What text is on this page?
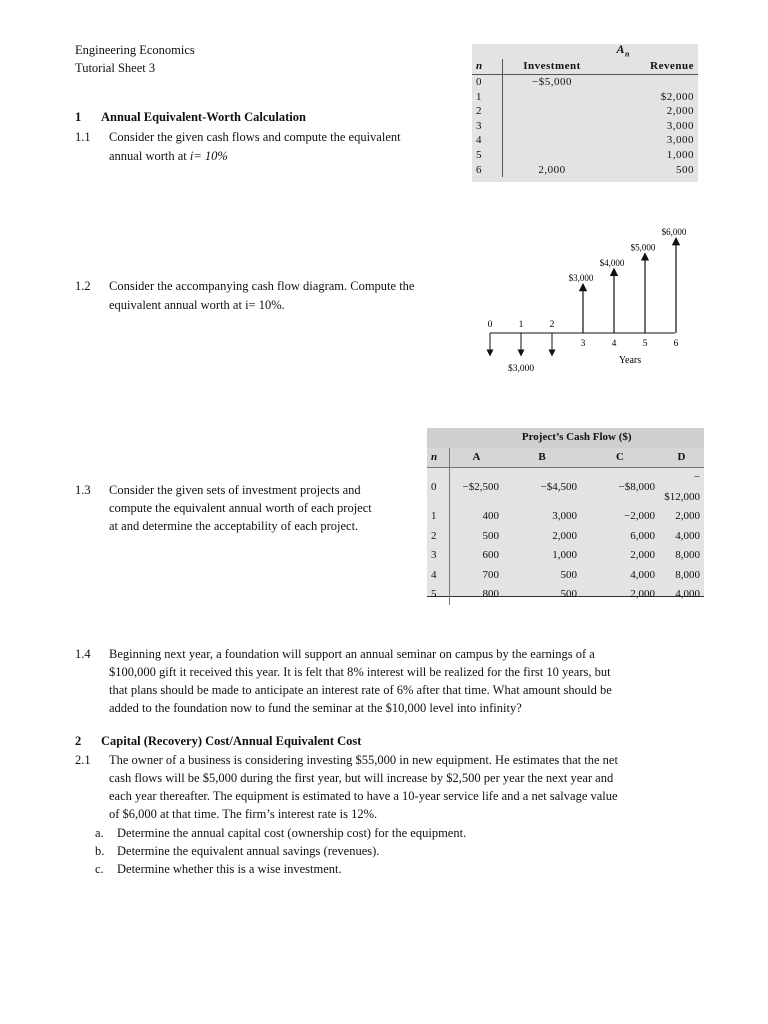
Engineering Economics
Tutorial Sheet 3
1 Annual Equivalent-Worth Calculation
1.1 Consider the given cash flows and compute the equivalent
annual worth at i= 10%
	$A_n$
n	Investment	Revenue
0	−$5,000	
1		$2,000
2		2,000
3		3,000
4		3,000
5		1,000
6	2,000	500
1.2 Consider the accompanying cash flow diagram. Compute the
equivalent annual worth at i= 10%.
0	1	2
3	4	5	6
$3,000
$3,000
$4,000
$5,000
$6,000
Years
1.3 Consider the given sets of investment projects and
compute the equivalent annual worth of each project
at and determine the acceptability of each project.
	Project’s Cash Flow ($)			
n	A	B	C	D
0	−$2,500	−$4,500	−$8,000	−$12,000
1	400	3,000	−2,000	2,000
2	500	2,000	6,000	4,000
3	600	1,000	2,000	8,000
4	700	500	4,000	8,000
5	800	500	2,000	4,000
1.4 Beginning next year, a foundation will support an annual seminar on campus by the earnings of a
$100,000 gift it received this year. It is felt that 8% interest will be realized for the first 10 years, but
that plans should be made to anticipate an interest rate of 6% after that time. What amount should be
added to the foundation now to fund the seminar at the $10,000 level into infinity?
2 Capital (Recovery) Cost/Annual Equivalent Cost
2.1 The owner of a business is considering investing $55,000 in new equipment. He estimates that the net
cash flows will be $5,000 during the first year, but will increase by $2,500 per year the next year and
each year thereafter. The equipment is estimated to have a 10-year service life and a net salvage value
of $6,000 at that time. The firm’s interest rate is 12%.
a. Determine the annual capital cost (ownership cost) for the equipment.
b. Determine the equivalent annual savings (revenues).
c. Determine whether this is a wise investment.
